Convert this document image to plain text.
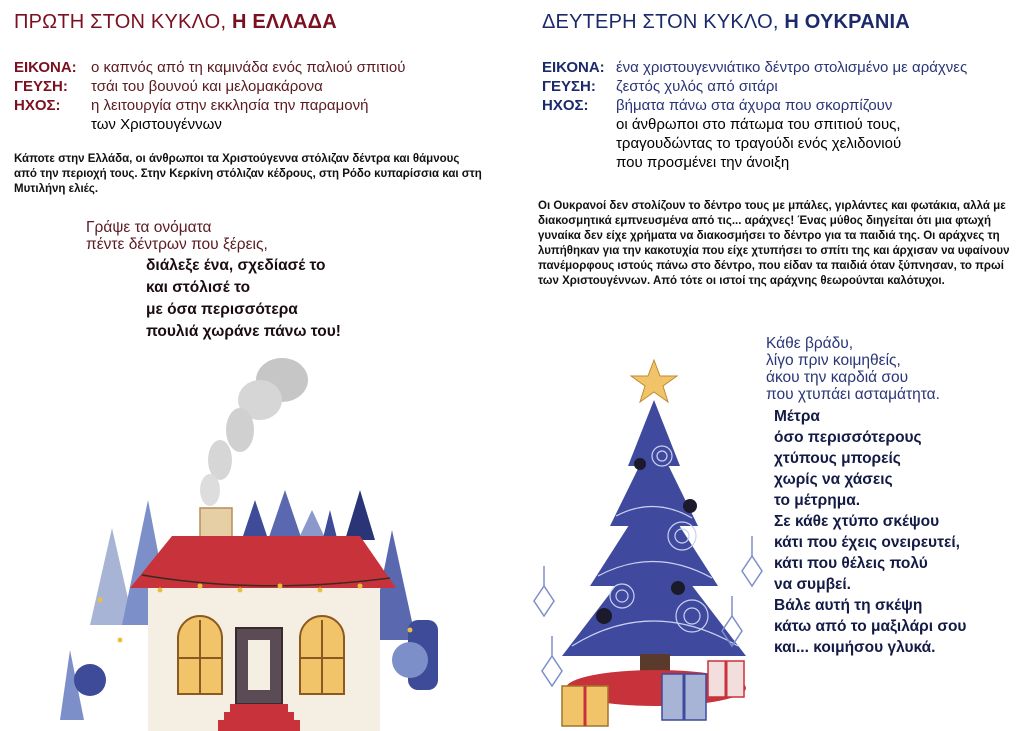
ΠΡΩΤΗ ΣΤΟΝ ΚΥΚΛΟ, Η ΕΛΛΑΔΑ
ΕΙΚΟΝΑ: ο καπνός από τη καμινάδα ενός παλιού σπιτιού
ΓΕΥΣΗ:	τσάι του βουνού και μελομακάρονα
ΗΧΟΣ:	η λειτουργία στην εκκλησία την παραμονή
των Χριστουγέννων
Κάποτε στην Ελλάδα, οι άνθρωποι τα Χριστούγεννα στόλιζαν δέντρα και θάμνους από την περιοχή τους. Στην Κερκίνη στόλιζαν κέδρους, στη Ρόδο κυπαρίσσια και στη Μυτιλήνη ελιές.
Γράψε τα ονόματα
πέντε δέντρων που ξέρεις,
διάλεξε ένα, σχεδίασέ το
και στόλισέ το
με όσα περισσότερα
πουλιά χωράνε πάνω του!
ΔΕΥΤΕΡΗ ΣΤΟΝ ΚΥΚΛΟ, Η ΟΥΚΡΑΝΙΑ
ΕΙΚΟΝΑ: ένα χριστουγεννιάτικο δέντρο στολισμένο με αράχνες
ΓΕΥΣΗ:	ζεστός χυλός από σιτάρι
ΗΧΟΣ:	βήματα πάνω στα άχυρα που σκορπίζουν
οι άνθρωποι στο πάτωμα του σπιτιού τους, τραγουδώντας το τραγούδι ενός χελιδονιού που προσμένει την άνοιξη
Οι Ουκρανοί δεν στολίζουν το δέντρο τους με μπάλες, γιρλάντες και φωτάκια, αλλά με διακοσμητικά εμπνευσμένα από τις... αράχνες! Ένας μύθος διηγείται ότι μια φτωχή γυναίκα δεν είχε χρήματα να διακοσμήσει το δέντρο για τα παιδιά της. Οι αράχνες τη λυπήθηκαν για την κακοτυχία που είχε χτυπήσει το σπίτι της και άρχισαν να υφαίνουν πανέμορφους ιστούς πάνω στο δέντρο, που είδαν τα παιδιά όταν ξύπνησαν, το πρωί των Χριστουγέννων. Από τότε οι ιστοί της αράχνης θεωρούνται καλότυχοι.
Κάθε βράδυ,
λίγο πριν κοιμηθείς,
άκου την καρδιά σου
που χτυπάει ασταμάτητα.
Μέτρα
όσο περισσότερους
χτύπους μπορείς
χωρίς να χάσεις
το μέτρημα.
Σε κάθε χτύπο σκέψου
κάτι που έχεις ονειρευτεί,
κάτι που θέλεις πολύ
να συμβεί.
Βάλε αυτή τη σκέψη
κάτω από το μαξιλάρι σου
και... κοιμήσου γλυκά.
